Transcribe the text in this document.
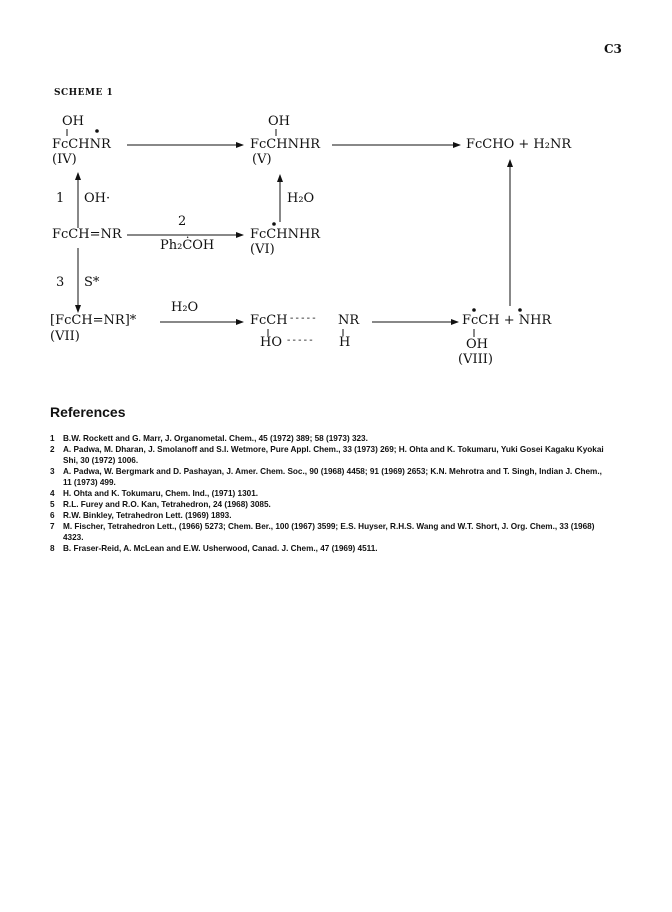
C3
SCHEME 1
OH
FcCHNR
(IV)
OH
FcCHNHR
(V)
FcCHO + H₂NR
1 OH·	H₂O
FcCH=NR
2
Ph₂ĊOH
FcCHNHR
(VI)
3 S*
[FcCH=NR]*
(VII)
H₂O
FcCH - - - - - NR
HO - - - - - H
FcCH + NHR
OH
(VIII)
References
1 B.W. Rockett and G. Marr, J. Organometal. Chem., 45 (1972) 389; 58 (1973) 323.
2 A. Padwa, M. Dharan, J. Smolanoff and S.I. Wetmore, Pure Appl. Chem., 33 (1973) 269; H. Ohta and K. Tokumaru, Yuki Gosei Kagaku Kyokai Shi, 30 (1972) 1006.
3 A. Padwa, W. Bergmark and D. Pashayan, J. Amer. Chem. Soc., 90 (1968) 4458; 91 (1969) 2653; K.N. Mehrotra and T. Singh, Indian J. Chem., 11 (1973) 499.
4 H. Ohta and K. Tokumaru, Chem. Ind., (1971) 1301.
5 R.L. Furey and R.O. Kan, Tetrahedron, 24 (1968) 3085.
6 R.W. Binkley, Tetrahedron Lett. (1969) 1893.
7 M. Fischer, Tetrahedron Lett., (1966) 5273; Chem. Ber., 100 (1967) 3599; E.S. Huyser, R.H.S. Wang and W.T. Short, J. Org. Chem., 33 (1968) 4323.
8 B. Fraser-Reid, A. McLean and E.W. Usherwood, Canad. J. Chem., 47 (1969) 4511.
